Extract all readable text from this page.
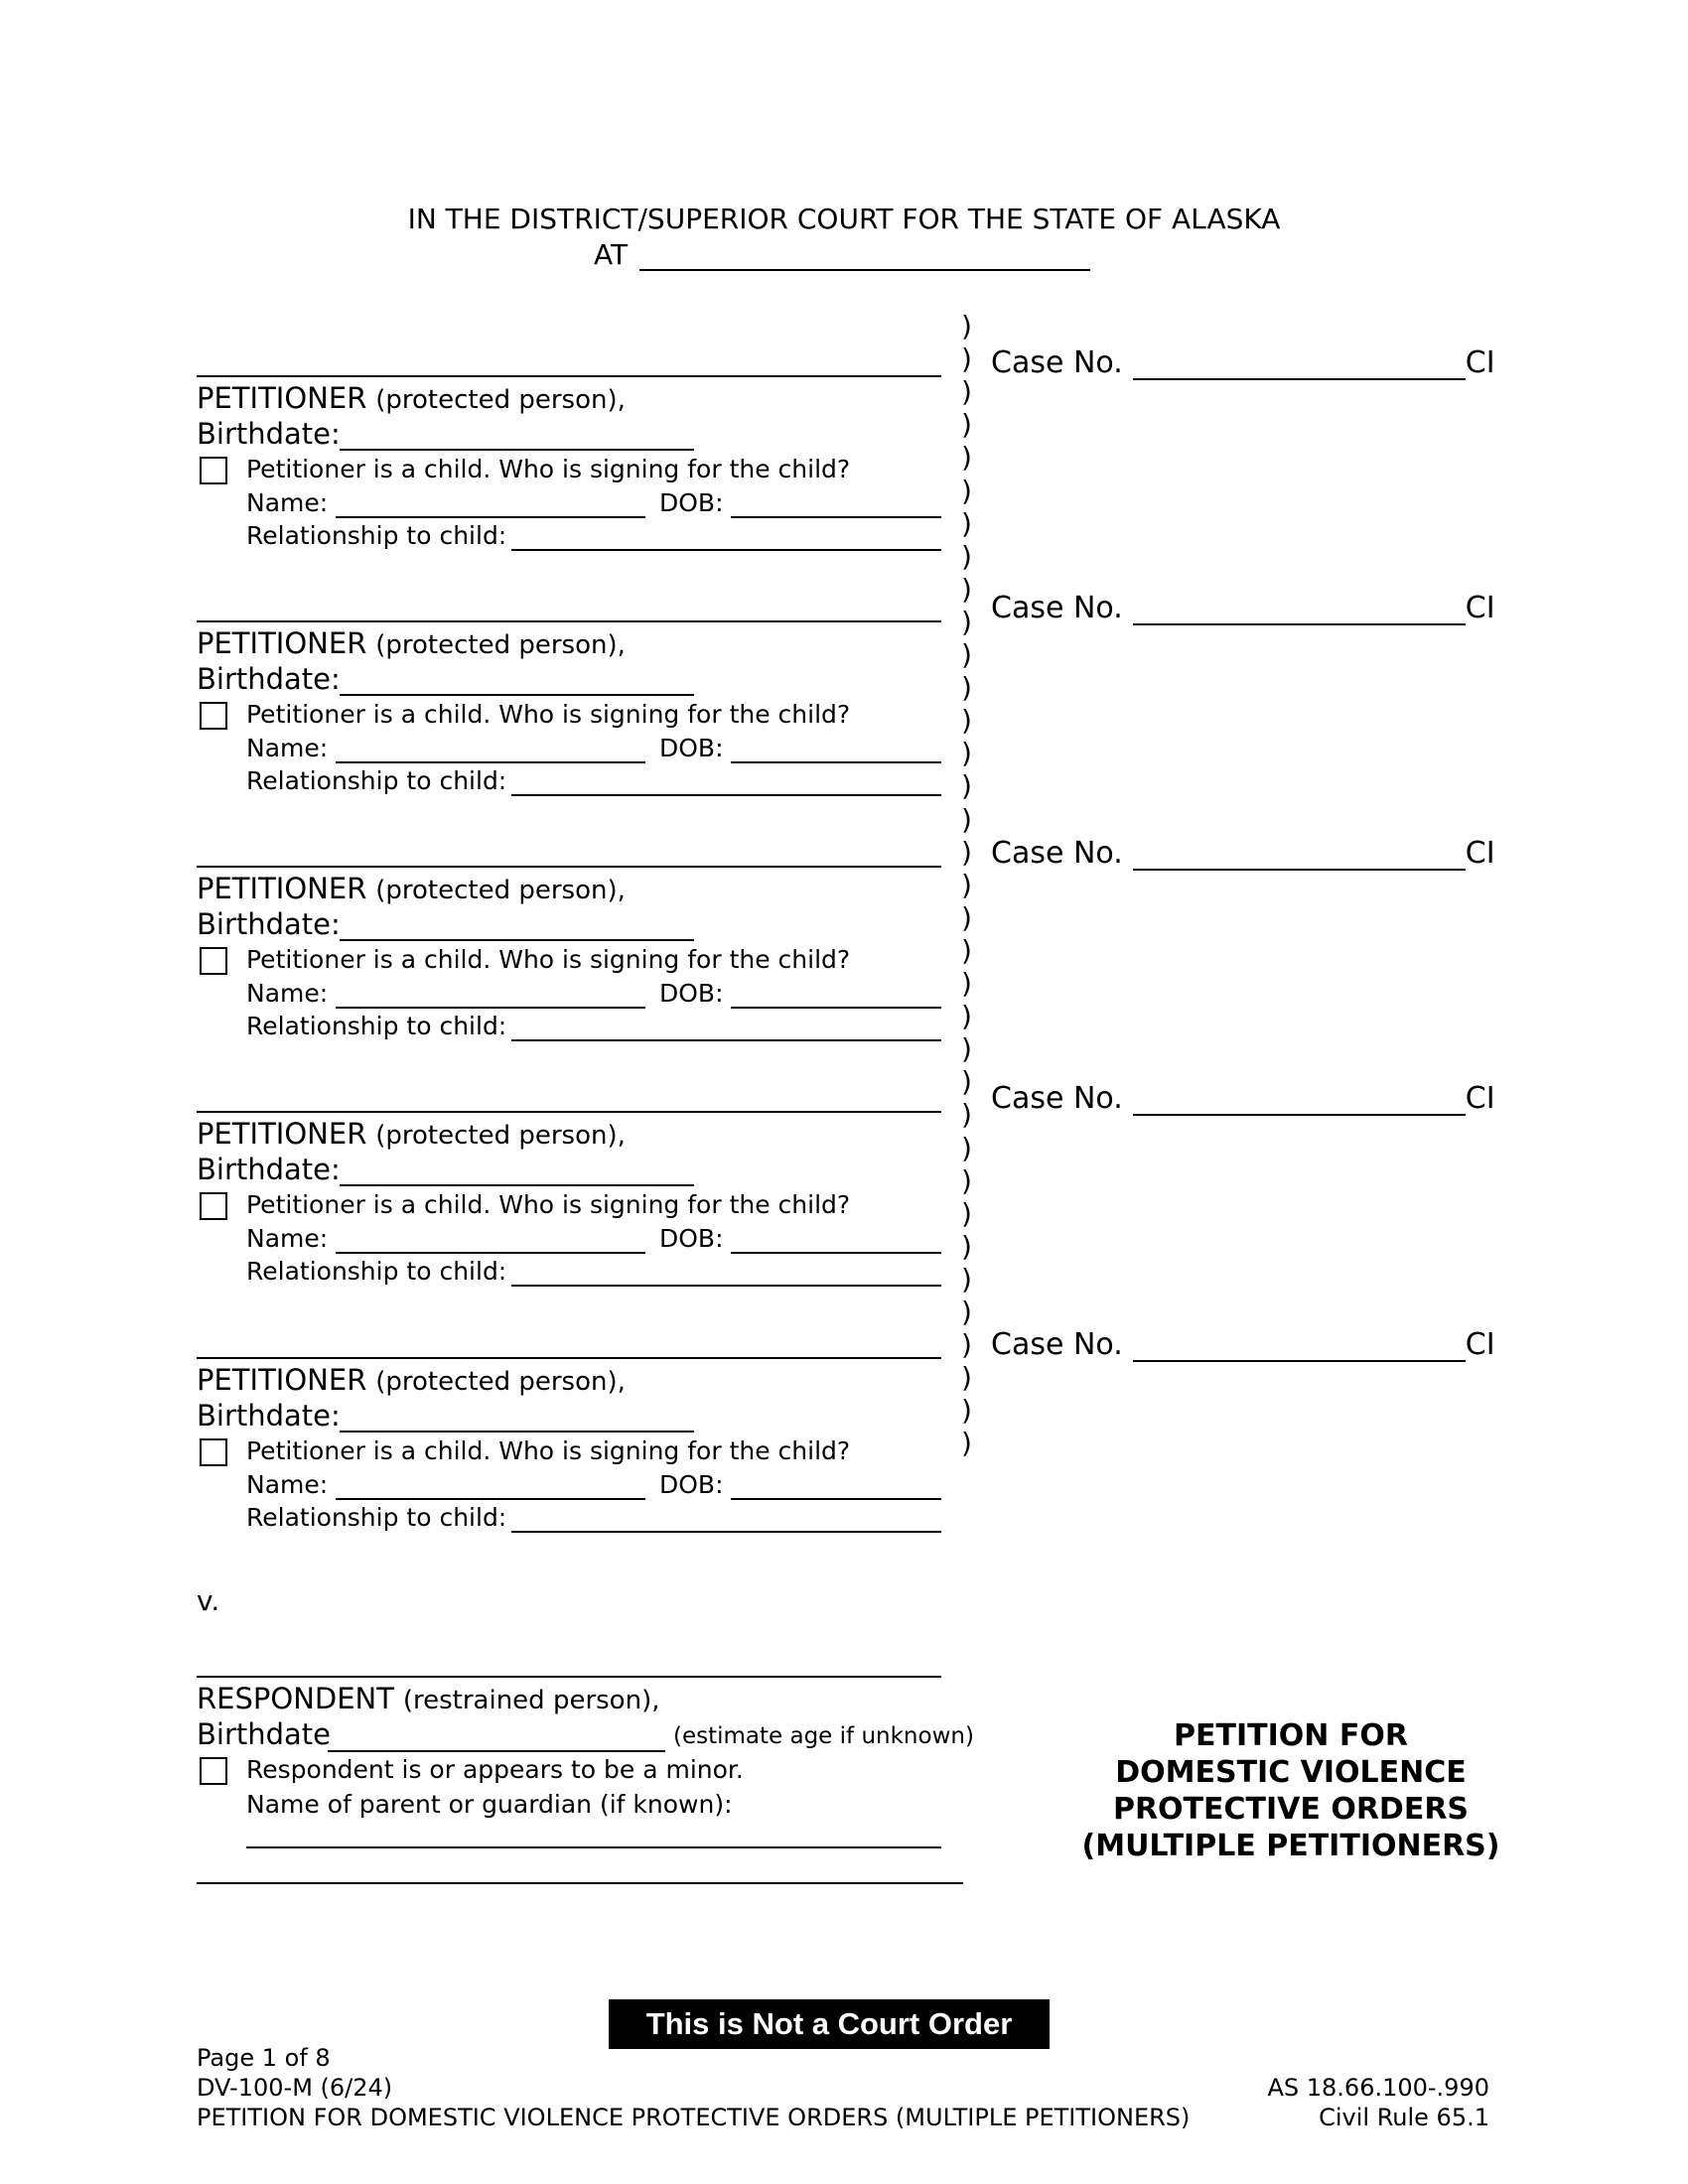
IN THE DISTRICT/SUPERIOR COURT FOR THE STATE OF ALASKA
AT
PETITIONER (protected person),
Birthdate:
Petitioner is a child. Who is signing for the child?
Name:	DOB:
Relationship to child:
Case No.	CI
PETITIONER (protected person),
Birthdate:
Petitioner is a child. Who is signing for the child?
Name:	DOB:
Relationship to child:
Case No.	CI
PETITIONER (protected person),
Birthdate:
Petitioner is a child. Who is signing for the child?
Name:	DOB:
Relationship to child:
Case No.	CI
PETITIONER (protected person),
Birthdate:
Petitioner is a child. Who is signing for the child?
Name:	DOB:
Relationship to child:
Case No.	CI
PETITIONER (protected person),
Birthdate:
Petitioner is a child. Who is signing for the child?
Name:	DOB:
Relationship to child:
Case No.	CI
v.
RESPONDENT (restrained person),
Birthdate	(estimate age if unknown)
Respondent is or appears to be a minor.
Name of parent or guardian (if known):
)
)
)
)
)
)
)
)
)
)
)
)
)
)
)
)
)
)
)
)
)
)
)
)
)
)
)
)
)
)
)
)
)
)
)
PETITION FOR
DOMESTIC VIOLENCE
PROTECTIVE ORDERS
(MULTIPLE PETITIONERS)
This is Not a Court Order
Page 1 of 8
DV-100-M (6/24)
PETITION FOR DOMESTIC VIOLENCE PROTECTIVE ORDERS (MULTIPLE PETITIONERS)
AS 18.66.100-.990
Civil Rule 65.1
